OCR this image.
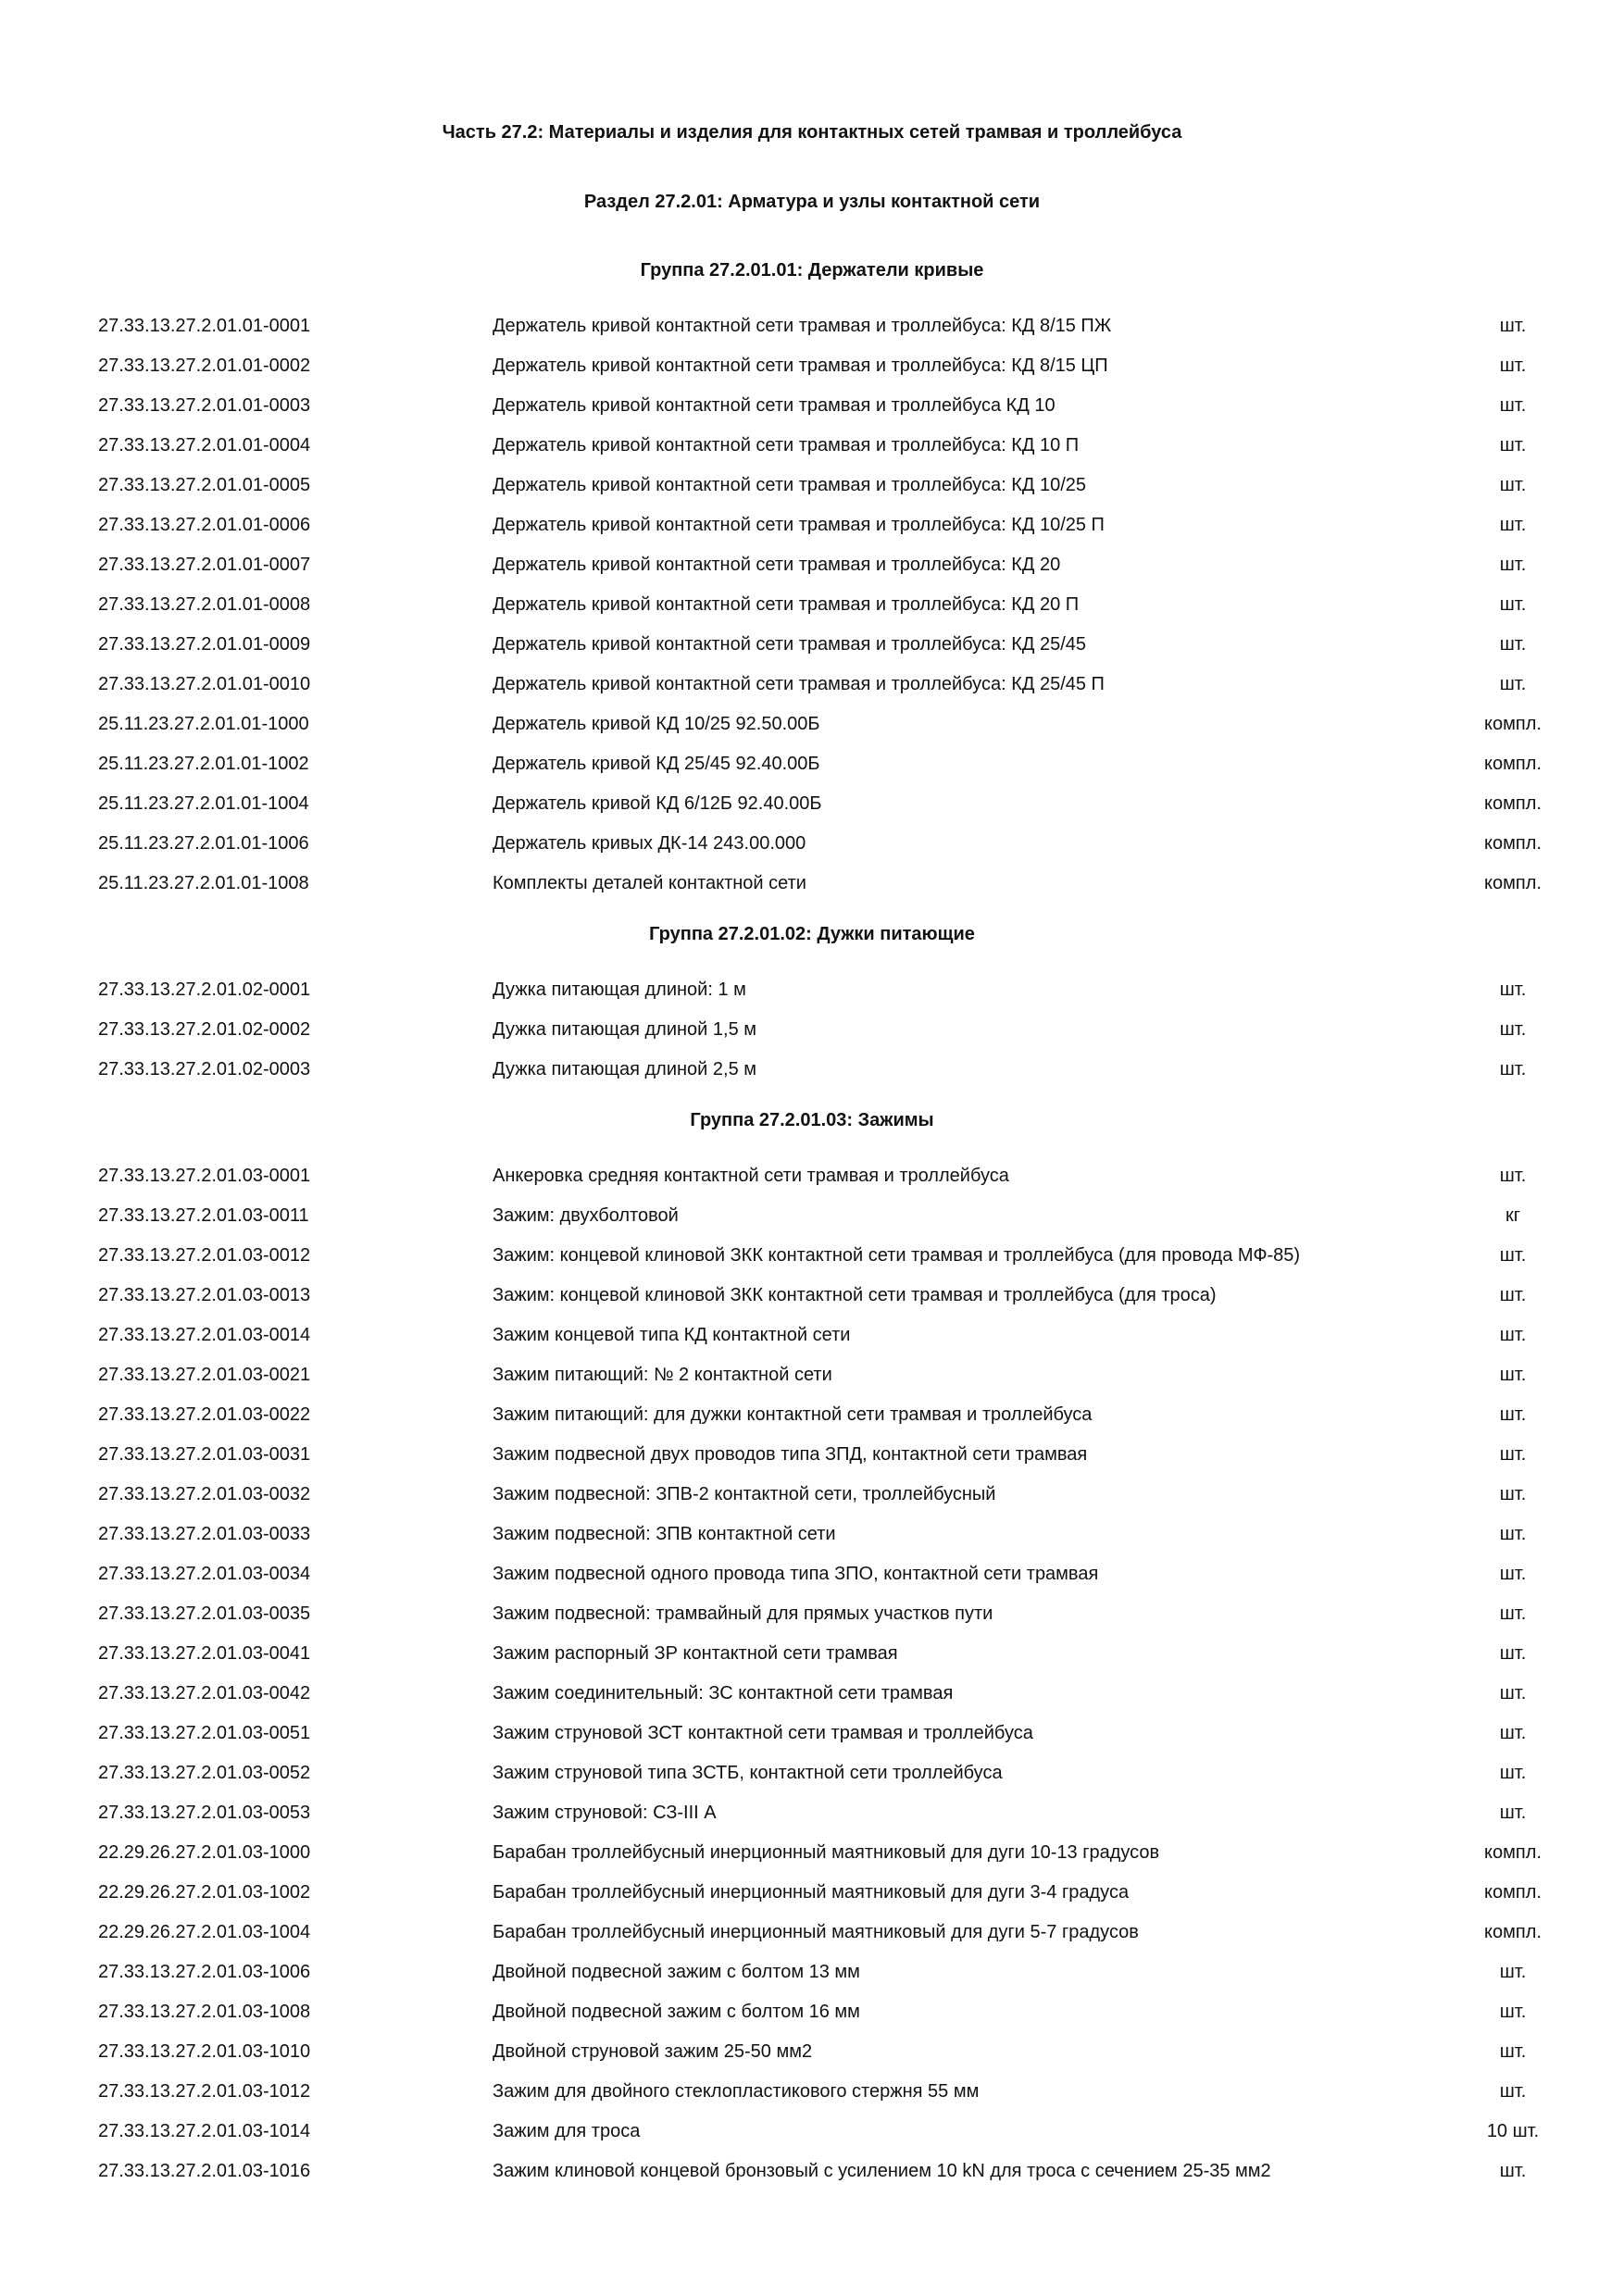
Часть 27.2: Материалы и изделия для контактных сетей трамвая и троллейбуса
Раздел 27.2.01: Арматура и узлы контактной сети
Группа 27.2.01.01: Держатели кривые
27.33.13.27.2.01.01-0001	Держатель кривой контактной сети трамвая и троллейбуса: КД 8/15 ПЖ	шт.
27.33.13.27.2.01.01-0002	Держатель кривой контактной сети трамвая и троллейбуса: КД 8/15 ЦП	шт.
27.33.13.27.2.01.01-0003	Держатель кривой контактной сети трамвая и троллейбуса КД 10	шт.
27.33.13.27.2.01.01-0004	Держатель кривой контактной сети трамвая и троллейбуса: КД 10 П	шт.
27.33.13.27.2.01.01-0005	Держатель кривой контактной сети трамвая и троллейбуса: КД 10/25	шт.
27.33.13.27.2.01.01-0006	Держатель кривой контактной сети трамвая и троллейбуса: КД 10/25 П	шт.
27.33.13.27.2.01.01-0007	Держатель кривой контактной сети трамвая и троллейбуса: КД 20	шт.
27.33.13.27.2.01.01-0008	Держатель кривой контактной сети трамвая и троллейбуса: КД 20 П	шт.
27.33.13.27.2.01.01-0009	Держатель кривой контактной сети трамвая и троллейбуса: КД 25/45	шт.
27.33.13.27.2.01.01-0010	Держатель кривой контактной сети трамвая и троллейбуса: КД 25/45 П	шт.
25.11.23.27.2.01.01-1000	Держатель кривой КД 10/25 92.50.00Б	компл.
25.11.23.27.2.01.01-1002	Держатель кривой КД 25/45 92.40.00Б	компл.
25.11.23.27.2.01.01-1004	Держатель кривой КД 6/12Б 92.40.00Б	компл.
25.11.23.27.2.01.01-1006	Держатель кривых ДК-14 243.00.000	компл.
25.11.23.27.2.01.01-1008	Комплекты деталей контактной сети	компл.
Группа 27.2.01.02: Дужки питающие
27.33.13.27.2.01.02-0001	Дужка питающая длиной: 1 м	шт.
27.33.13.27.2.01.02-0002	Дужка питающая длиной 1,5 м	шт.
27.33.13.27.2.01.02-0003	Дужка питающая длиной 2,5 м	шт.
Группа 27.2.01.03: Зажимы
27.33.13.27.2.01.03-0001	Анкеровка средняя контактной сети трамвая и троллейбуса	шт.
27.33.13.27.2.01.03-0011	Зажим: двухболтовой	кг
27.33.13.27.2.01.03-0012	Зажим: концевой клиновой ЗКК контактной сети трамвая и троллейбуса (для провода МФ-85)	шт.
27.33.13.27.2.01.03-0013	Зажим: концевой клиновой ЗКК контактной сети трамвая и троллейбуса (для троса)	шт.
27.33.13.27.2.01.03-0014	Зажим концевой типа КД контактной сети	шт.
27.33.13.27.2.01.03-0021	Зажим питающий: № 2 контактной сети	шт.
27.33.13.27.2.01.03-0022	Зажим питающий: для дужки контактной сети трамвая и троллейбуса	шт.
27.33.13.27.2.01.03-0031	Зажим подвесной двух проводов типа ЗПД, контактной сети трамвая	шт.
27.33.13.27.2.01.03-0032	Зажим подвесной: ЗПВ-2 контактной сети, троллейбусный	шт.
27.33.13.27.2.01.03-0033	Зажим подвесной: ЗПВ контактной сети	шт.
27.33.13.27.2.01.03-0034	Зажим подвесной одного провода типа ЗПО, контактной сети трамвая	шт.
27.33.13.27.2.01.03-0035	Зажим подвесной: трамвайный для прямых участков пути	шт.
27.33.13.27.2.01.03-0041	Зажим распорный ЗР контактной сети трамвая	шт.
27.33.13.27.2.01.03-0042	Зажим соединительный: ЗС контактной сети трамвая	шт.
27.33.13.27.2.01.03-0051	Зажим струновой ЗСТ контактной сети трамвая и троллейбуса	шт.
27.33.13.27.2.01.03-0052	Зажим струновой типа ЗСТБ, контактной сети троллейбуса	шт.
27.33.13.27.2.01.03-0053	Зажим струновой: СЗ-III А	шт.
22.29.26.27.2.01.03-1000	Барабан троллейбусный инерционный маятниковый для дуги 10-13 градусов	компл.
22.29.26.27.2.01.03-1002	Барабан троллейбусный инерционный маятниковый для дуги 3-4 градуса	компл.
22.29.26.27.2.01.03-1004	Барабан троллейбусный инерционный маятниковый для дуги 5-7 градусов	компл.
27.33.13.27.2.01.03-1006	Двойной подвесной зажим с болтом 13 мм	шт.
27.33.13.27.2.01.03-1008	Двойной подвесной зажим с болтом 16 мм	шт.
27.33.13.27.2.01.03-1010	Двойной струновой зажим 25-50 мм2	шт.
27.33.13.27.2.01.03-1012	Зажим для двойного стеклопластикового стержня 55 мм	шт.
27.33.13.27.2.01.03-1014	Зажим для троса	10 шт.
27.33.13.27.2.01.03-1016	Зажим клиновой концевой бронзовый с усилением 10 kN для троса с сечением 25-35 мм2	шт.
